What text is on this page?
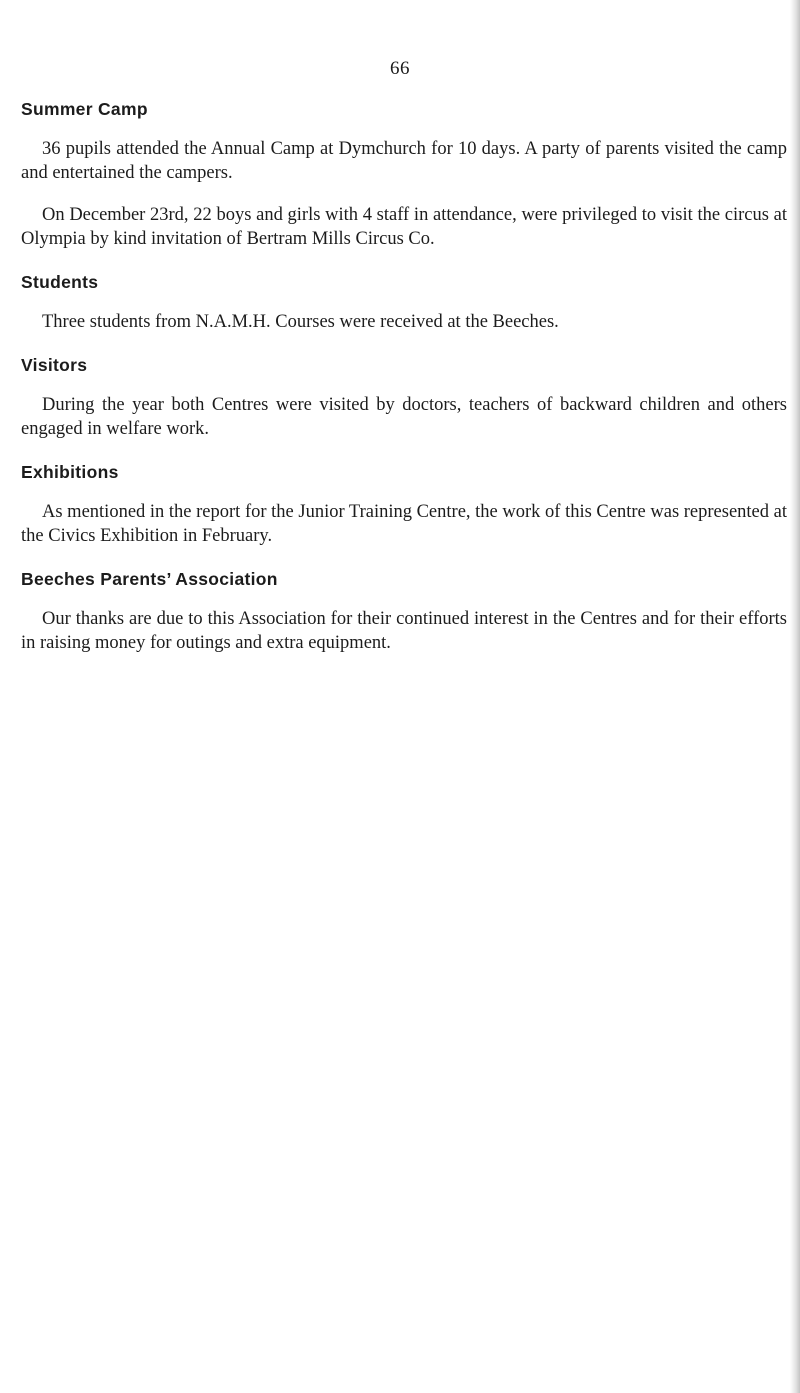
66
Summer Camp

36 pupils attended the Annual Camp at Dymchurch for 10 days. A party of parents visited the camp and entertained the campers.

On December 23rd, 22 boys and girls with 4 staff in attendance, were privileged to visit the circus at Olympia by kind invitation of Bertram Mills Circus Co.

Students

Three students from N.A.M.H. Courses were received at the Beeches.

Visitors

During the year both Centres were visited by doctors, teachers of backward children and others engaged in welfare work.

Exhibitions

As mentioned in the report for the Junior Training Centre, the work of this Centre was represented at the Civics Exhibition in February.

Beeches Parents’ Association

Our thanks are due to this Association for their continued interest in the Centres and for their efforts in raising money for outings and extra equipment.
